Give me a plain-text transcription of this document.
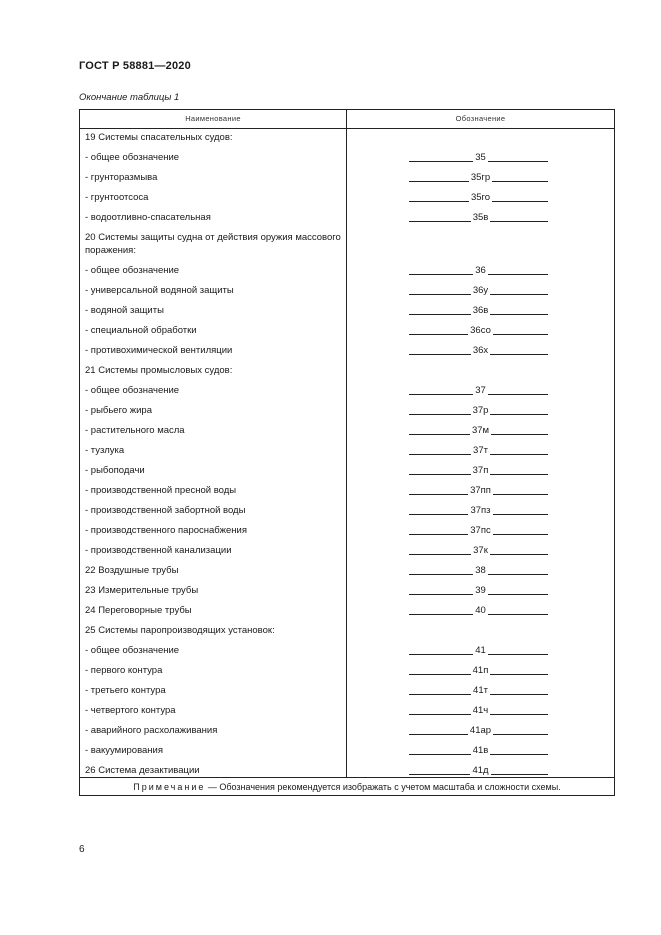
ГОСТ Р 58881—2020
Окончание таблицы 1
Наименование	Обозначение
19 Системы спасательных судов:
- общее обозначение	35
- грунторазмыва	35гр
- грунтоотсоса	35го
- водоотливно-спасательная	35в
20 Системы защиты судна от действия оружия массового поражения:
- общее обозначение	36
- универсальной водяной защиты	36у
- водяной защиты	36в
- специальной обработки	36со
- противохимической вентиляции	36х
21 Системы промысловых судов:
- общее обозначение	37
- рыбьего жира	37р
- растительного масла	37м
- тузлука	37т
- рыбоподачи	37п
- производственной пресной воды	37пп
- производственной забортной воды	37пз
- производственного пароснабжения	37пс
- производственной канализации	37к
22 Воздушные трубы	38
23 Измерительные трубы	39
24 Переговорные трубы	40
25 Системы паропроизводящих установок:
- общее обозначение	41
- первого контура	41п
- третьего контура	41т
- четвертого контура	41ч
- аварийного расхолаживания	41ар
- вакуумирования	41в
26 Система дезактивации	41д
Примечание — Обозначения рекомендуется изображать с учетом масштаба и сложности схемы.
6
